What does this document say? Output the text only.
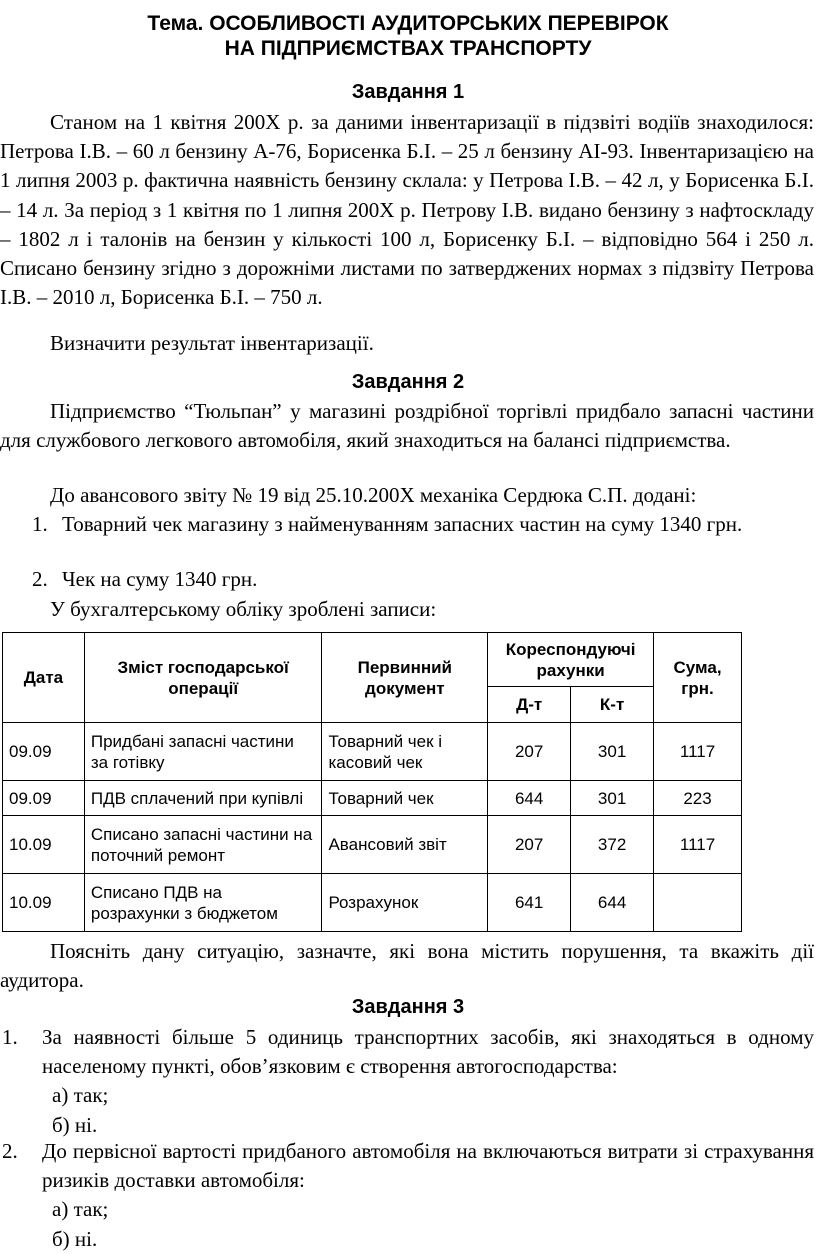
Тема. ОСОБЛИВОСТІ АУДИТОРСЬКИХ ПЕРЕВІРОК

НА ПІДПРИЄМСТВАХ ТРАНСПОРТУ

Завдання 1

Станом на 1 квітня 200Х р. за даними інвентаризації в підзвіті водіїв знаходилося: Петрова І.В. – 60 л бензину А-76, Борисенка Б.І. – 25 л бензину АІ-93. Інвентаризацією на 1 липня 2003 р. фактична наявність бензину склала: у Петрова І.В. – 42 л, у Борисенка Б.І. – 14 л. За період з 1 квітня по 1 липня 200Х р. Петрову І.В. видано бензину з нафтоскладу – 1802 л і талонів на бензин у кількості 100 л, Борисенку Б.І. – відповідно 564 і 250 л. Списано бензину згідно з дорожніми листами по затверджених нормах з підзвіту Петрова І.В. – 2010 л, Борисенка Б.І. – 750 л.

Визначити результат інвентаризації.

Завдання 2

Підприємство “Тюльпан” у магазині роздрібної торгівлі придбало запасні частини для службового легкового автомобіля, який знаходиться на балансі підприємства.

До авансового звіту № 19 від 25.10.200Х механіка Сердюка С.П. додані:

1. Товарний чек магазину з найменуванням запасних частин на суму 1340 грн.
2. Чек на суму 1340 грн.

У бухгалтерському обліку зроблені записи:

Дата	Зміст господарської операції	Первинний документ	Кореспондуючі рахунки		Сума, грн.
			Д-т	К-т	
09.09	Придбані запасні частини за готівку	Товарний чек і касовий чек	207	301	1117
09.09	ПДВ сплачений при купівлі	Товарний чек	644	301	223
10.09	Списано запасні частини на поточний ремонт	Авансовий звіт	207	372	1117
10.09	Списано ПДВ на розрахунки з бюджетом	Розрахунок	641	644	

Поясніть дану ситуацію, зазначте, які вона містить порушення, та вкажіть дії аудитора.

Завдання 3

1. За наявності більше 5 одиниць транспортних засобів, які знаходяться в одному населеному пункті, обов’язковим є створення автогосподарства:
а) так;
б) ні.
2. До первісної вартості придбаного автомобіля на включаються витрати зі страхування ризиків доставки автомобіля:
а) так;
б) ні.
